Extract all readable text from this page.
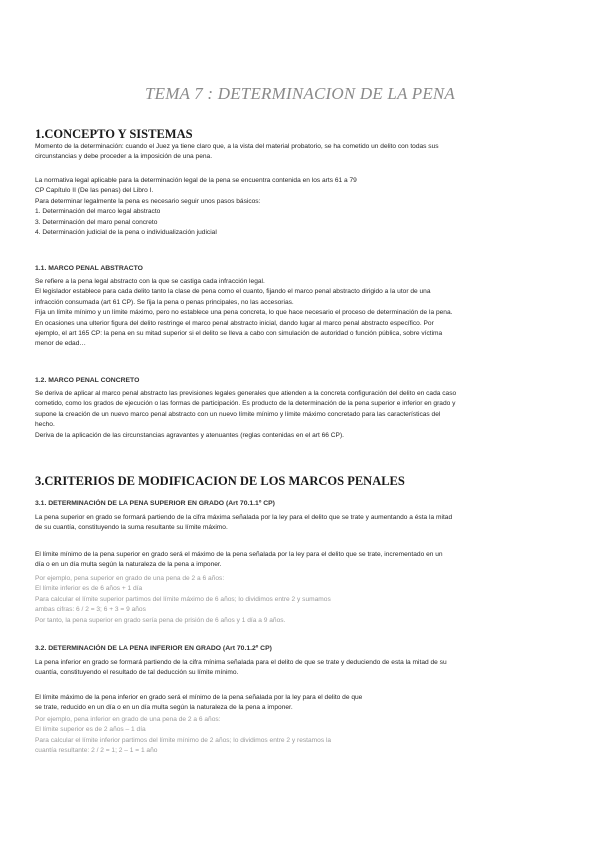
TEMA 7 : DETERMINACION DE LA PENA
1.CONCEPTO Y SISTEMAS
Momento de la determinación: cuando el Juez ya tiene claro que, a la vista del material probatorio, se ha cometido un delito con todas sus
circunstancias y debe proceder a la imposición de una pena.
La normativa legal aplicable para la determinación legal de la pena se encuentra contenida en los arts 61 a 79
CP Capítulo II (De las penas) del Libro I.
Para determinar legalmente la pena es necesario seguir unos pasos básicos:
1. Determinación del marco legal abstracto
3. Determinación del maro penal concreto
4. Determinación judicial de la pena o individualización judicial
1.1. MARCO PENAL ABSTRACTO
Se refiere a la pena legal abstracto con la que se castiga cada infracción legal.
El legislador establece para cada delito tanto la clase de pena como el cuanto, fijando el marco penal abstracto dirigido a la utor de una
infracción consumada (art 61 CP). Se fija la pena o penas principales, no las accesorias.
Fija un límite mínimo y un límite máximo, pero no establece una pena concreta, lo que hace necesario el proceso de determinación de la pena.
En ocasiones una ulterior figura del delito restringe el marco penal abstracto inicial, dando lugar al marco penal abstracto específico. Por
ejemplo, el art 165 CP: la pena en su mitad superior si el delito se lleva a cabo con simulación de autoridad o función pública, sobre víctima
menor de edad…
1.2. MARCO PENAL CONCRETO
Se deriva de aplicar al marco penal abstracto las previsiones legales generales que atienden a la concreta configuración del delito en cada caso
cometido, como los grados de ejecución o las formas de participación. Es producto de la determinación de la pena superior e inferior en grado y
supone la creación de un nuevo marco penal abstracto con un nuevo límite mínimo y límite máximo concretado para las características del
hecho.
Deriva de la aplicación de las circunstancias agravantes y atenuantes (reglas contenidas en el art 66 CP).
3.CRITERIOS DE MODIFICACION DE LOS MARCOS PENALES
3.1. DETERMINACIÓN DE LA PENA SUPERIOR EN GRADO (Art 70.1.1º CP)
La pena superior en grado se formará partiendo de la cifra máxima señalada por la ley para el delito que se trate y aumentando a ésta la mitad
de su cuantía, constituyendo la suma resultante su límite máximo.
El límite mínimo de la pena superior en grado será el máximo de la pena señalada por la ley para el delito que se trate, incrementado en un
día o en un día multa según la naturaleza de la pena a imponer.
Por ejemplo, pena superior en grado de una pena de 2 a 6 años:
El límite inferior es de 6 años + 1 día
Para calcular el límite superior partimos del límite máximo de 6 años; lo dividimos entre 2 y sumamos
ambas cifras: 6 / 2 = 3; 6 + 3 = 9 años
Por tanto, la pena superior en grado sería pena de prisión de 6 años y 1 día a 9 años.
3.2. DETERMINACIÓN DE LA PENA INFERIOR EN GRADO (Art 70.1.2º CP)
La pena inferior en grado se formará partiendo de la cifra mínima señalada para el delito de que se trate y deduciendo de esta la mitad de su
cuantía, constituyendo el resultado de tal deducción su límite mínimo.
El límite máximo de la pena inferior en grado será el mínimo de la pena señalada por la ley para el delito de que
se trate, reducido en un día o en un día multa según la naturaleza de la pena a imponer.
Por ejemplo, pena inferior en grado de una pena de 2 a 6 años:
El límite superior es de 2 años – 1 día
Para calcular el límite inferior partimos del límite mínimo de 2 años; lo dividimos entre 2 y restamos la
cuantía resultante: 2 / 2 = 1; 2 – 1 = 1 año
